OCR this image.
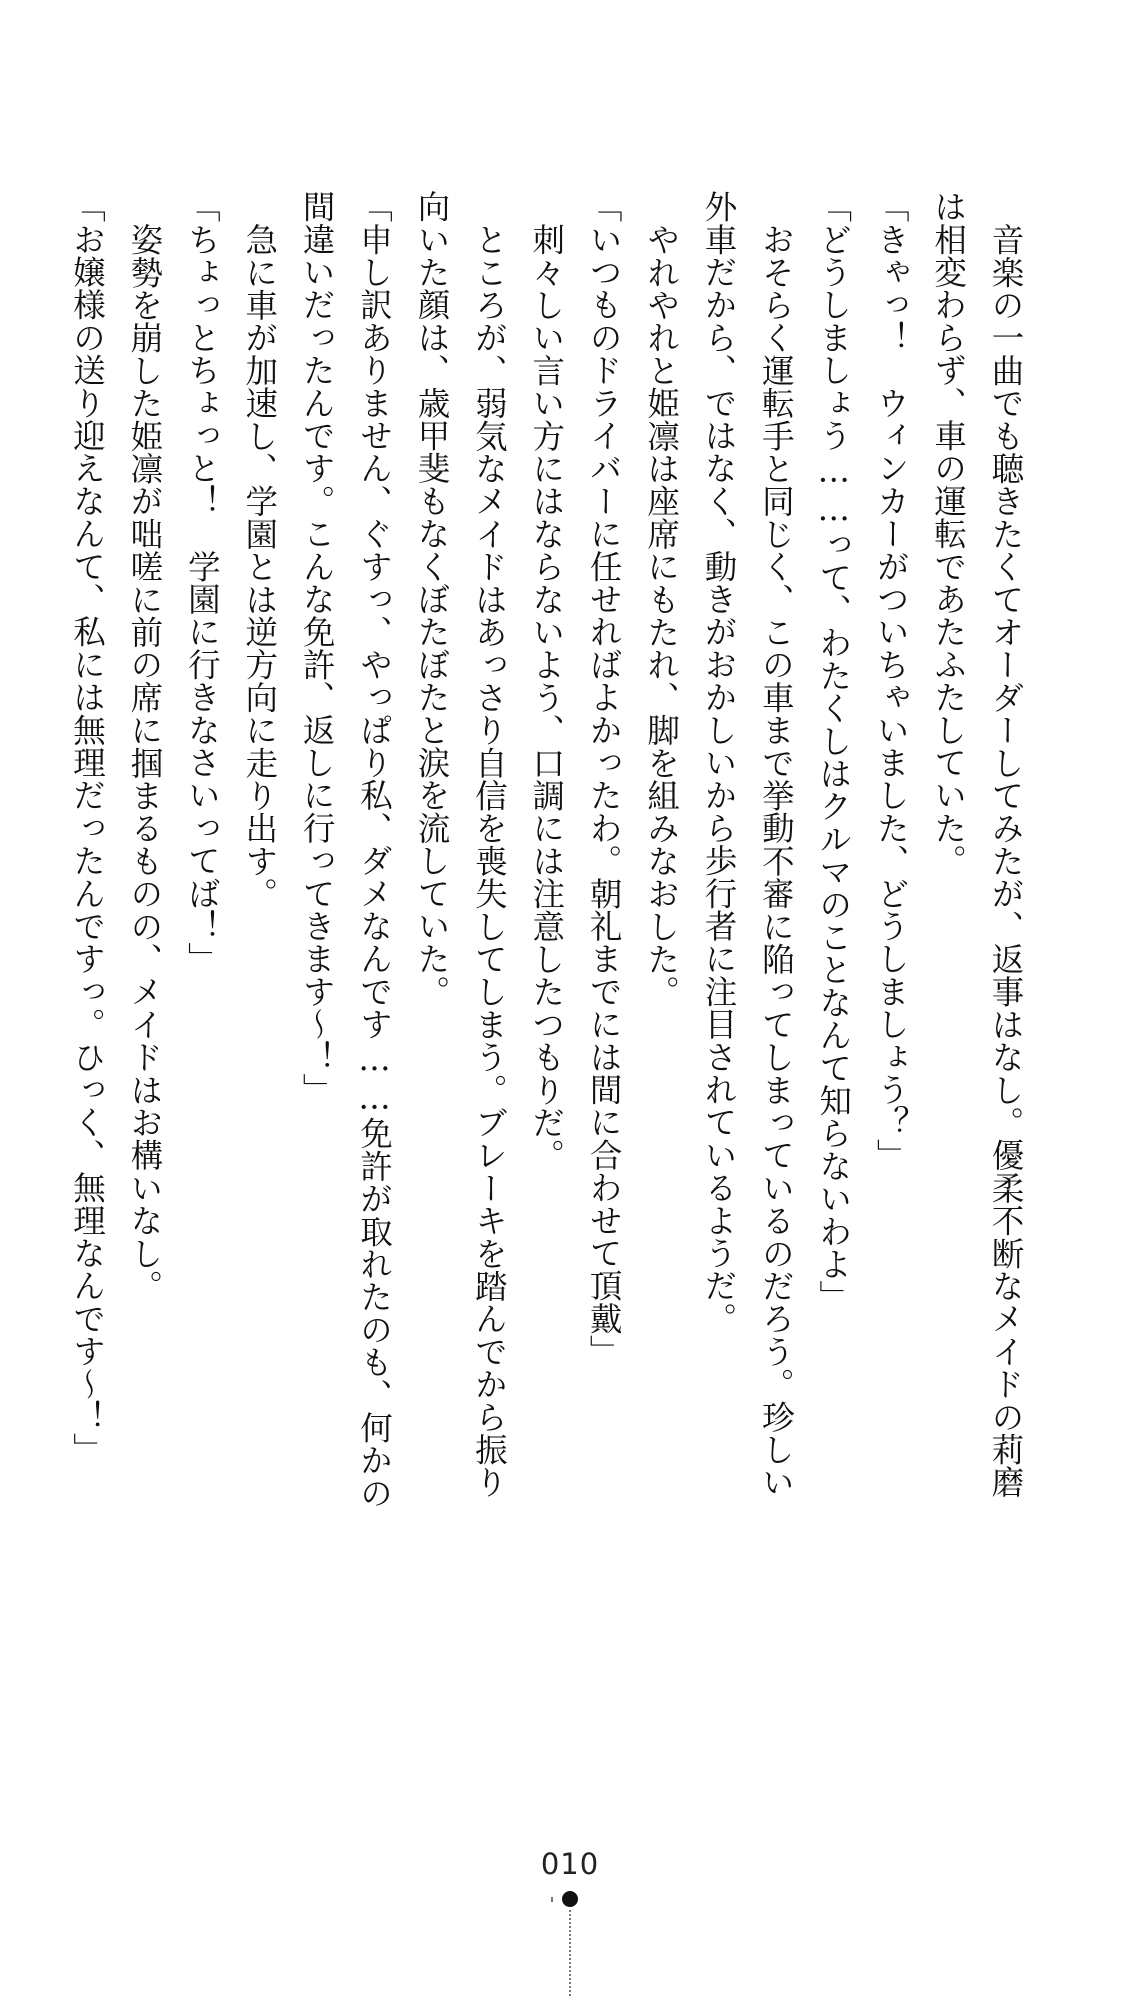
音楽の一曲でも聴きたくてオーダーしてみたが、返事はなし。優柔不断なメイドの莉磨
は相変わらず、車の運転であたふたしていた。
「きゃっ！　ウィンカーがついちゃいました、どうしましょう？」
「どうしましょう……って、わたくしはクルマのことなんて知らないわよ」
おそらく運転手と同じく、この車まで挙動不審に陥ってしまっているのだろう。珍しい
外車だから、ではなく、動きがおかしいから歩行者に注目されているようだ。
やれやれと姫凛は座席にもたれ、脚を組みなおした。
「いつものドライバーに任せればよかったわ。朝礼までには間に合わせて頂戴」
刺々しい言い方にはならないよう、口調には注意したつもりだ。
ところが、弱気なメイドはあっさり自信を喪失してしまう。ブレーキを踏んでから振り
向いた顔は、歳甲斐もなくぼたぼたと涙を流していた。
「申し訳ありません、ぐすっ、やっぱり私、ダメなんです……免許が取れたのも、何かの
間違いだったんです。こんな免許、返しに行ってきます～！」
急に車が加速し、学園とは逆方向に走り出す。
「ちょっとちょっと！　学園に行きなさいってば！」
姿勢を崩した姫凛が咄嗟に前の席に掴まるものの、メイドはお構いなし。
「お嬢様の送り迎えなんて、私には無理だったんですっ。ひっく、無理なんです～！」
010
